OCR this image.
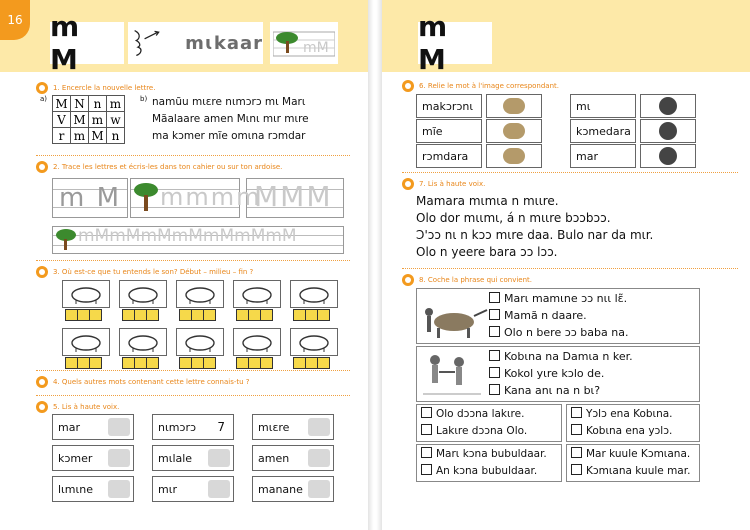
16 m M	mɩkaar	mM
1. Encercle la nouvelle lettre.
a) M	N	n	m
V	M	m	w
r	m	M	n
b) namũu mɩɛre nɩmɔrɔ mɩ Marɩ
Mãalaare amen Mɩnɩ mɩr mɩre
ma kɔmer mĩe omɩna rɔmdar
2. Trace les lettres et écris-les dans ton cahier ou sur ton ardoise.
m M
3. Où est-ce que tu entends le son? Début – milieu – fin ?
4. Quels autres mots contenant cette lettre connais-tu ?
5. Lis à haute voix.
mmmm
MMM
mMmMmMmMmMmMmM
mar	nɩmɔrɔ	7	mɩɛre
kɔmer	mɩlale	amen
lɩmɩne	mɩr	manane
m M
6. Relie le mot à l'image correspondant.
7. Lis à haute voix.
Mamara mɩmɩa n mɩɩre.
Olo dor mɩɩmɩ, á n mɩɩre bɔɔbɔɔ.
Ɔ'ɔɔ nɩ n kɔɔ mɩre daa. Bulo nar da mɩr.
Olo n yeere bara ɔɔ lɔɔ.
8. Coche la phrase qui convient.
Marɩ mamɩne ɔɔ nɩɩ lɛ̃.
Mamã n daare.
Olo n bere ɔɔ baba na.
Kobɩna na Damɩa n ker.
Kokol yɩre kɔlo de.
Kana anɩ na n bɩ?
makɔrɔnɩ	mɩ
mĩe	kɔmedara
rɔmdara	mar
Olo dɔɔna lakɩre.
Lakɩre dɔɔna Olo.
Yɔlɔ ena Kobɩna.
Kobɩna ena yɔlɔ.
Marɩ kɔna bubuldaar.
An kɔna bubuldaar.
Mar kuule Kɔmɩana.
Kɔmɩana kuule mar.
